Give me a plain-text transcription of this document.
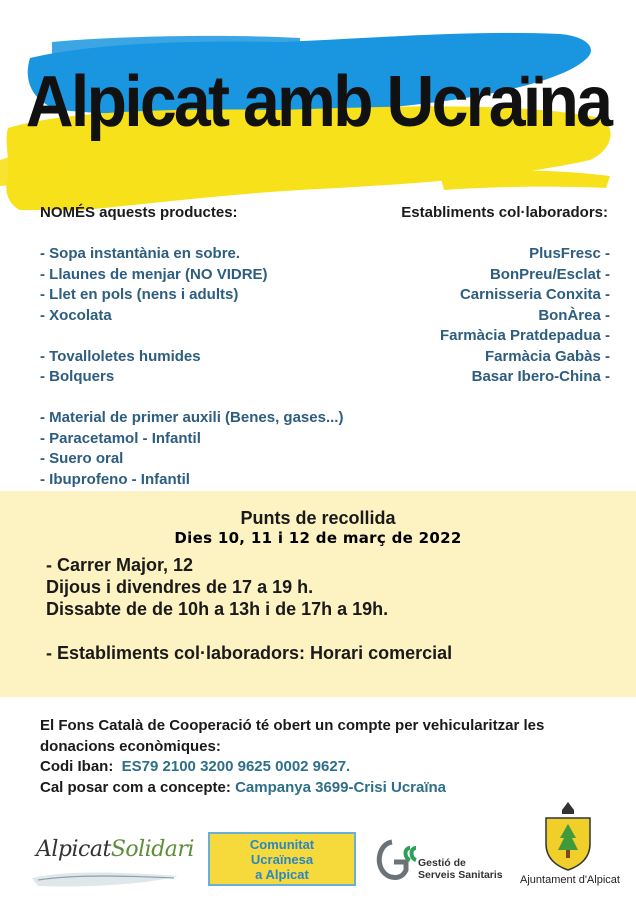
Alpicat amb Ucraïna
NOMÉS aquests productes:	Establiments col·laboradors:
- Sopa instantània en sobre.
- Llaunes de menjar (NO VIDRE)
- Llet en pols (nens i adults)
- Xocolata
- Tovalloletes humides
- Bolquers
- Material de primer auxili (Benes, gases...)
- Paracetamol - Infantil
- Suero oral
- Ibuprofeno - Infantil
PlusFresc -
BonPreu/Esclat -
Carnisseria Conxita -
BonÀrea -
Farmàcia Pratdepadua -
Farmàcia Gabàs -
Basar Ibero-China -
Punts de recollida
Dies 10, 11 i 12 de març de 2022
- Carrer Major, 12
Dijous i divendres de 17 a 19 h.
Dissabte de de 10h a 13h i de 17h a 19h.
- Establiments col·laboradors: Horari comercial
El Fons Català de Cooperació té obert un compte per vehicularitzar les
donacions econòmiques:
Codi Iban: ES79 2100 3200 9625 0002 9627.
Cal posar com a concepte: Campanya 3699-Crisi Ucraïna
AlpicatSolidari	Comunitat
Ucraïnesa
a Alpicat
Gestió de
Serveis Sanitaris Ajuntament d'Alpicat
